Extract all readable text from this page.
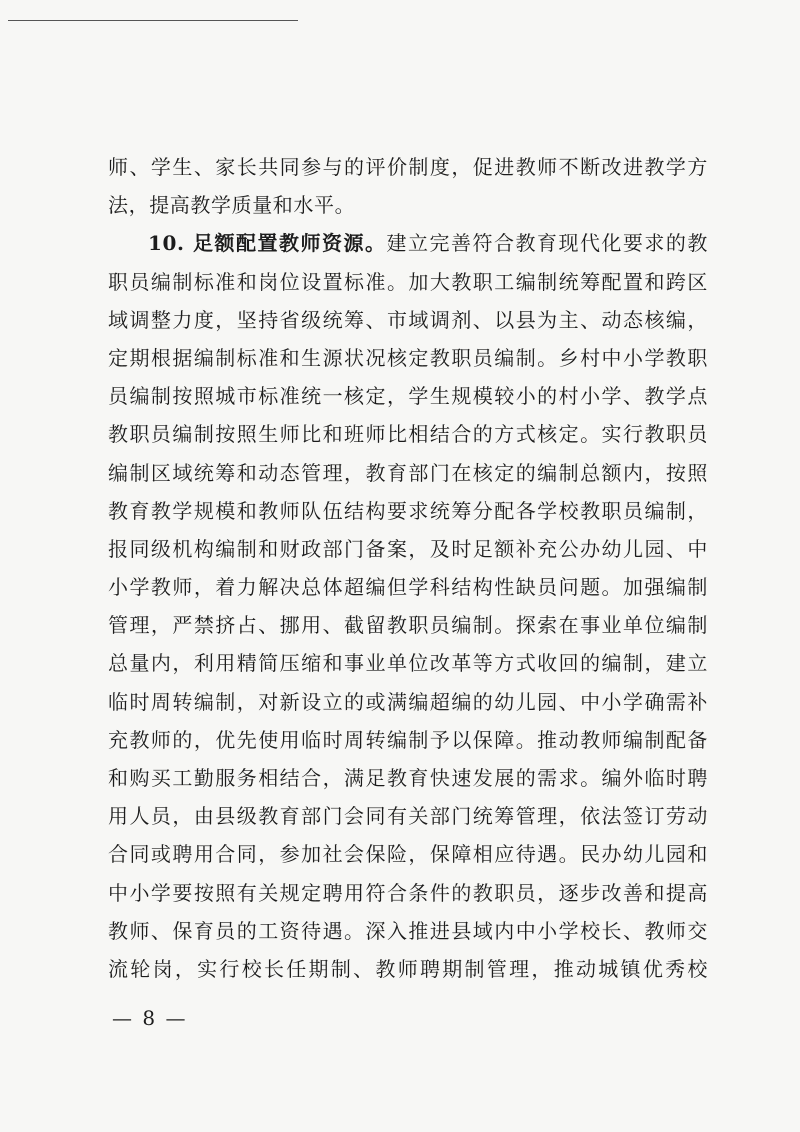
师、学生、家长共同参与的评价制度，促进教师不断改进教学方
法，提高教学质量和水平。
10. 足额配置教师资源。建立完善符合教育现代化要求的教
职员编制标准和岗位设置标准。加大教职工编制统筹配置和跨区
域调整力度，坚持省级统筹、市域调剂、以县为主、动态核编，
定期根据编制标准和生源状况核定教职员编制。乡村中小学教职
员编制按照城市标准统一核定，学生规模较小的村小学、教学点
教职员编制按照生师比和班师比相结合的方式核定。实行教职员
编制区域统筹和动态管理，教育部门在核定的编制总额内，按照
教育教学规模和教师队伍结构要求统筹分配各学校教职员编制，
报同级机构编制和财政部门备案，及时足额补充公办幼儿园、中
小学教师，着力解决总体超编但学科结构性缺员问题。加强编制
管理，严禁挤占、挪用、截留教职员编制。探索在事业单位编制
总量内，利用精简压缩和事业单位改革等方式收回的编制，建立
临时周转编制，对新设立的或满编超编的幼儿园、中小学确需补
充教师的，优先使用临时周转编制予以保障。推动教师编制配备
和购买工勤服务相结合，满足教育快速发展的需求。编外临时聘
用人员，由县级教育部门会同有关部门统筹管理，依法签订劳动
合同或聘用合同，参加社会保险，保障相应待遇。民办幼儿园和
中小学要按照有关规定聘用符合条件的教职员，逐步改善和提高
教师、保育员的工资待遇。深入推进县域内中小学校长、教师交
流轮岗，实行校长任期制、教师聘期制管理，推动城镇优秀校
— 8 —
